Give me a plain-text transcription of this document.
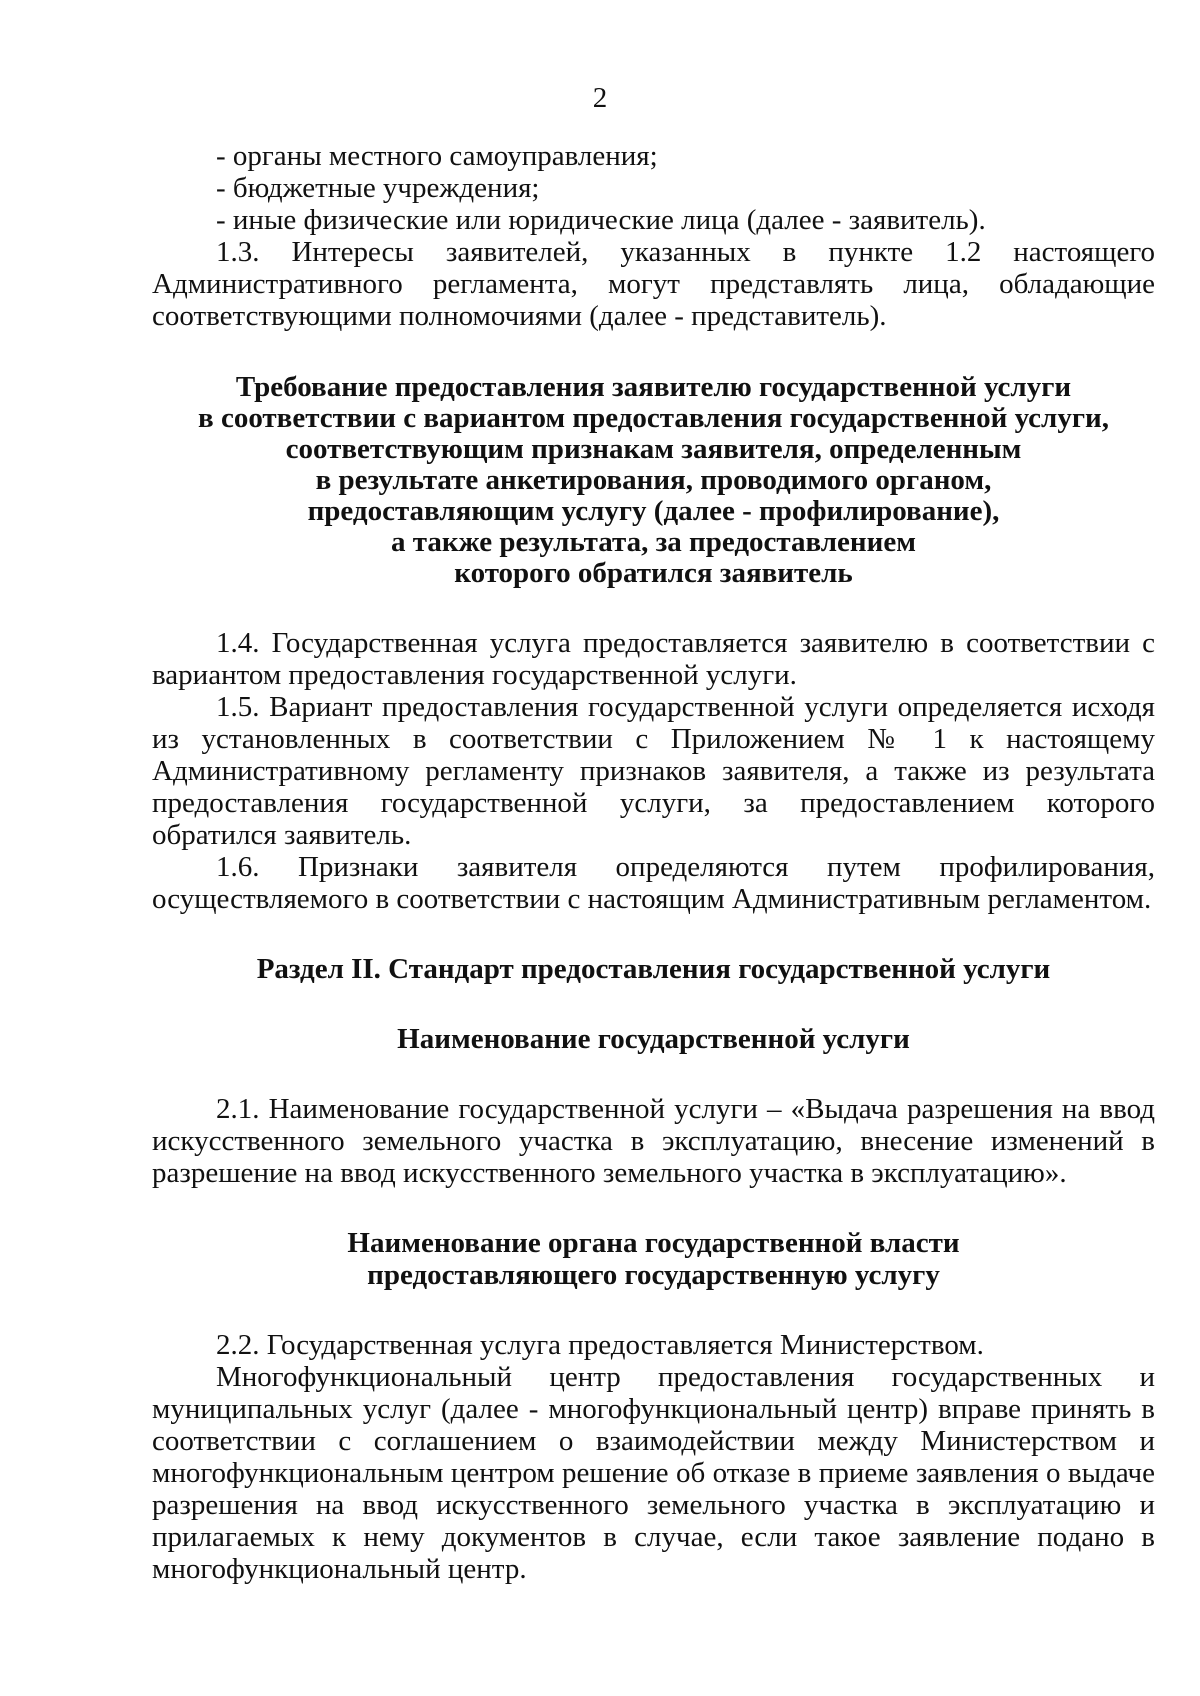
2

- органы местного самоуправления;

- бюджетные учреждения;

- иные физические или юридические лица (далее - заявитель).

1.3. Интересы заявителей, указанных в пункте 1.2 настоящего Административного регламента, могут представлять лица, обладающие соответствующими полномочиями (далее - представитель).

Требование предоставления заявителю государственной услуги

в соответствии с вариантом предоставления государственной услуги,

соответствующим признакам заявителя, определенным

в результате анкетирования, проводимого органом,

предоставляющим услугу (далее - профилирование),

а также результата, за предоставлением

которого обратился заявитель

1.4. Государственная услуга предоставляется заявителю в соответствии с вариантом предоставления государственной услуги.

1.5. Вариант предоставления государственной услуги определяется исходя из установленных в соответствии с Приложением № 1 к настоящему Административному регламенту признаков заявителя, а также из результата предоставления государственной услуги, за предоставлением которого обратился заявитель.

1.6. Признаки заявителя определяются путем профилирования, осуществляемого в соответствии с настоящим Административным регламентом.

Раздел II. Стандарт предоставления государственной услуги

Наименование государственной услуги

2.1. Наименование государственной услуги – «Выдача разрешения на ввод искусственного земельного участка в эксплуатацию, внесение изменений в разрешение на ввод искусственного земельного участка в эксплуатацию».

Наименование органа государственной власти

предоставляющего государственную услугу

2.2. Государственная услуга предоставляется Министерством.

Многофункциональный центр предоставления государственных и муниципальных услуг (далее - многофункциональный центр) вправе принять в соответствии с соглашением о взаимодействии между Министерством и многофункциональным центром решение об отказе в приеме заявления о выдаче разрешения на ввод искусственного земельного участка в эксплуатацию и прилагаемых к нему документов в случае, если такое заявление подано в многофункциональный центр.
